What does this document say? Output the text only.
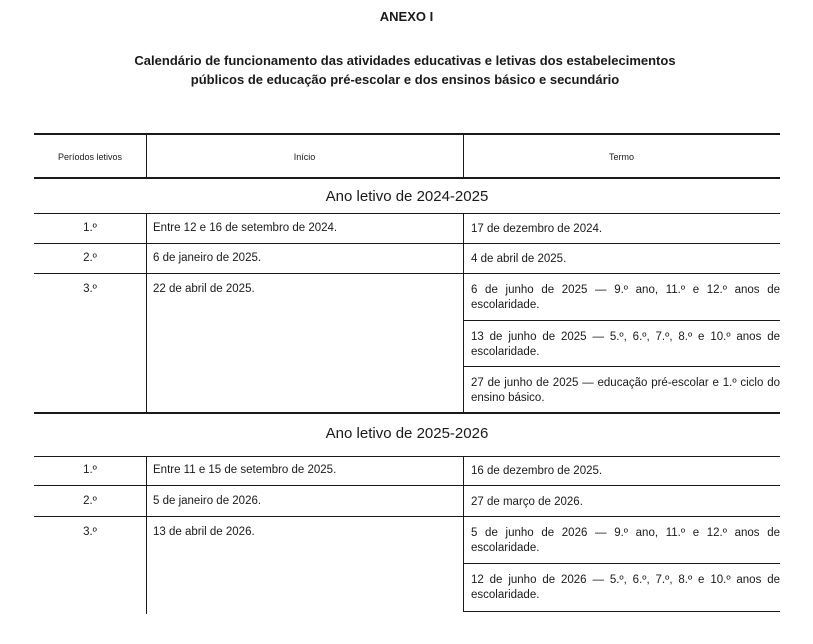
ANEXO I
Calendário de funcionamento das atividades educativas e letivas dos estabelecimentos
públicos de educação pré-escolar e dos ensinos básico e secundário
Períodos letivos	Início	Termo
Ano letivo de 2024-2025
1.º	Entre 12 e 16 de setembro de 2024.	17 de dezembro de 2024.
2.º	6 de janeiro de 2025.	4 de abril de 2025.
3.º	22 de abril de 2025.	6 de junho de 2025 — 9.º ano, 11.º e 12.º anos de escolaridade.
13 de junho de 2025 — 5.º, 6.º, 7.º, 8.º e 10.º anos de escolaridade.
27 de junho de 2025 — educação pré-escolar e 1.º ciclo do ensino básico.
Ano letivo de 2025-2026
1.º	Entre 11 e 15 de setembro de 2025.	16 de dezembro de 2025.
2.º	5 de janeiro de 2026.	27 de março de 2026.
3.º	13 de abril de 2026.	5 de junho de 2026 — 9.º ano, 11.º e 12.º anos de escolaridade.
12 de junho de 2026 — 5.º, 6.º, 7.º, 8.º e 10.º anos de escolaridade.
